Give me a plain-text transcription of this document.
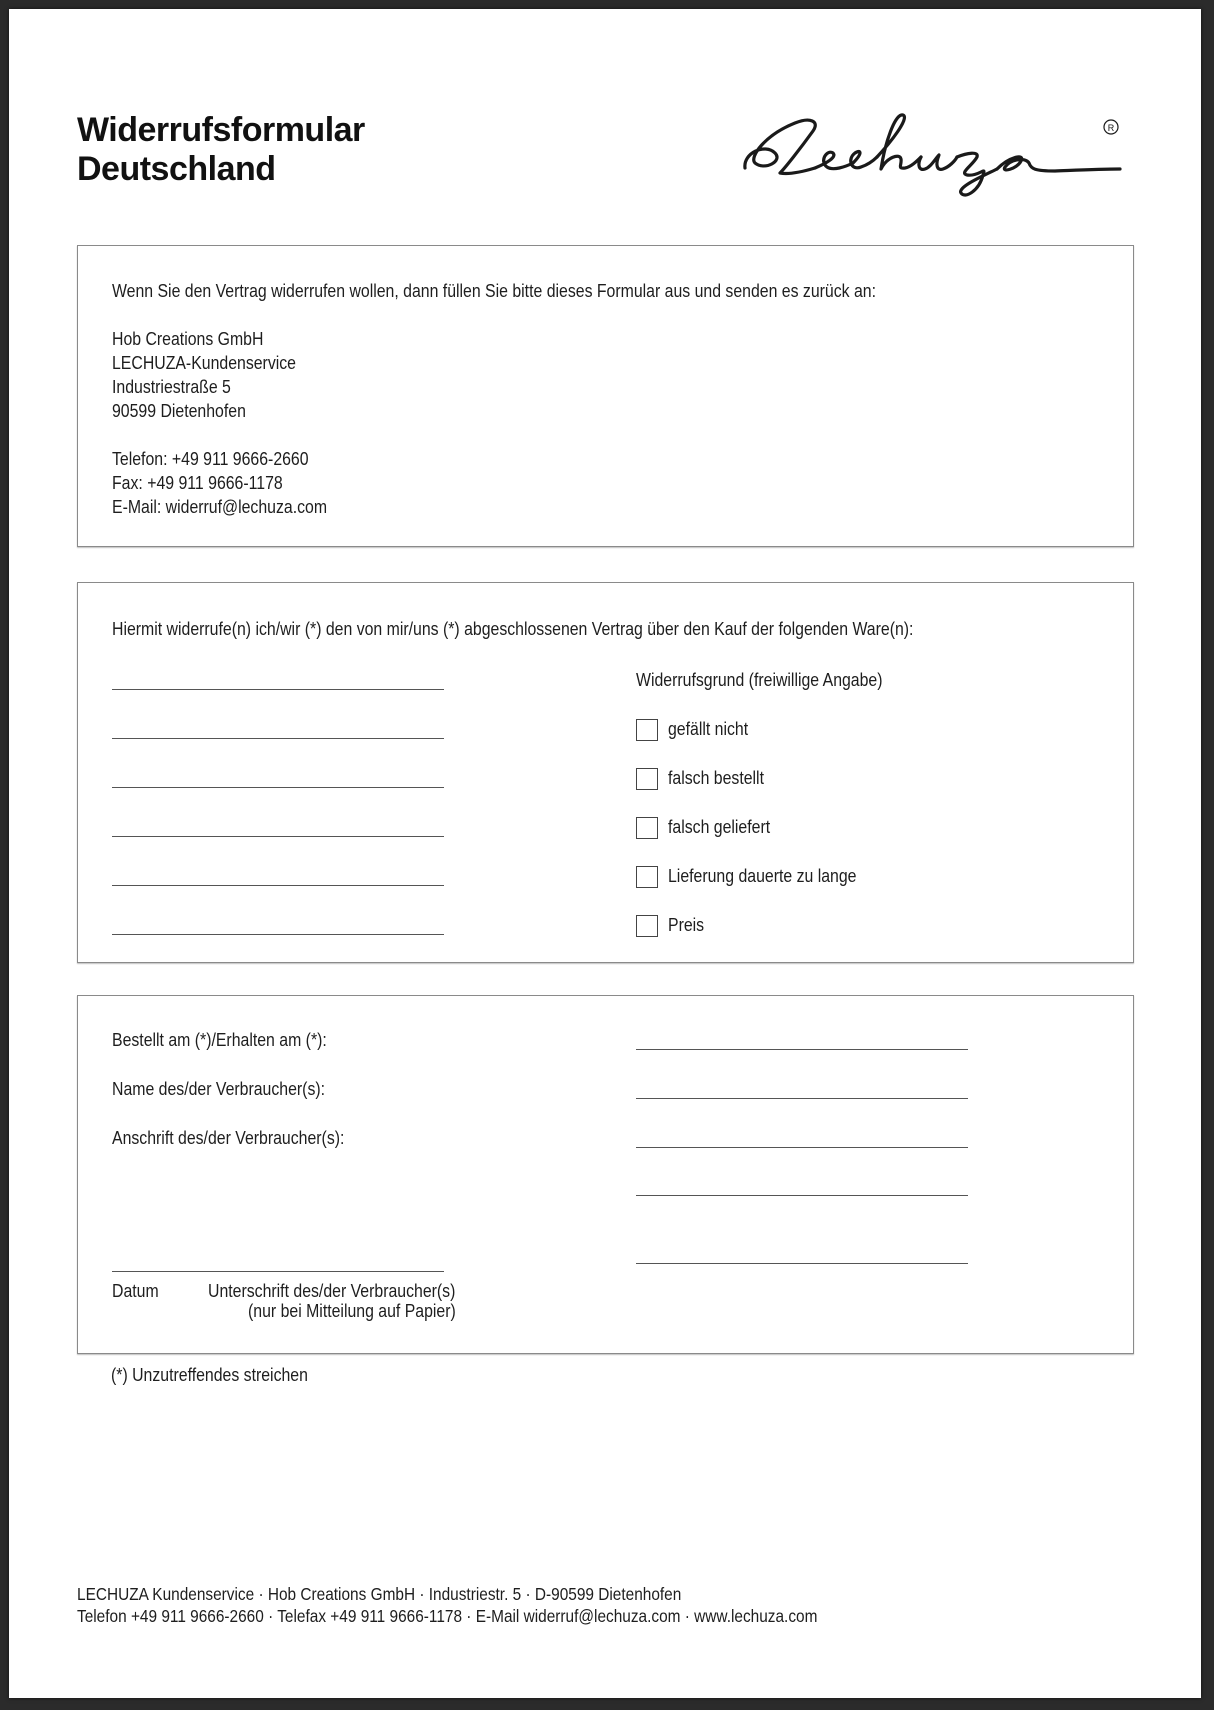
Widerrufsformular
Deutschland
R
Wenn Sie den Vertrag widerrufen wollen, dann füllen Sie bitte dieses Formular aus und senden es zurück an:
Hob Creations GmbH
LECHUZA-Kundenservice
Industriestraße 5
90599 Dietenhofen
Telefon: +49 911 9666-2660
Fax: +49 911 9666-1178
E-Mail: widerruf@lechuza.com
Hiermit widerrufe(n) ich/wir (*) den von mir/uns (*) abgeschlossenen Vertrag über den Kauf der folgenden Ware(n):
Widerrufsgrund (freiwillige Angabe)
gefällt nicht
falsch bestellt
falsch geliefert
Lieferung dauerte zu lange
Preis
Bestellt am (*)/Erhalten am (*):
Name des/der Verbraucher(s):
Anschrift des/der Verbraucher(s):
Datum	Unterschrift des/der Verbraucher(s)
(nur bei Mitteilung auf Papier)
(*) Unzutreffendes streichen
LECHUZA Kundenservice · Hob Creations GmbH · Industriestr. 5 · D-90599 Dietenhofen
Telefon +49 911 9666-2660 · Telefax +49 911 9666-1178 · E-Mail widerruf@lechuza.com · www.lechuza.com
